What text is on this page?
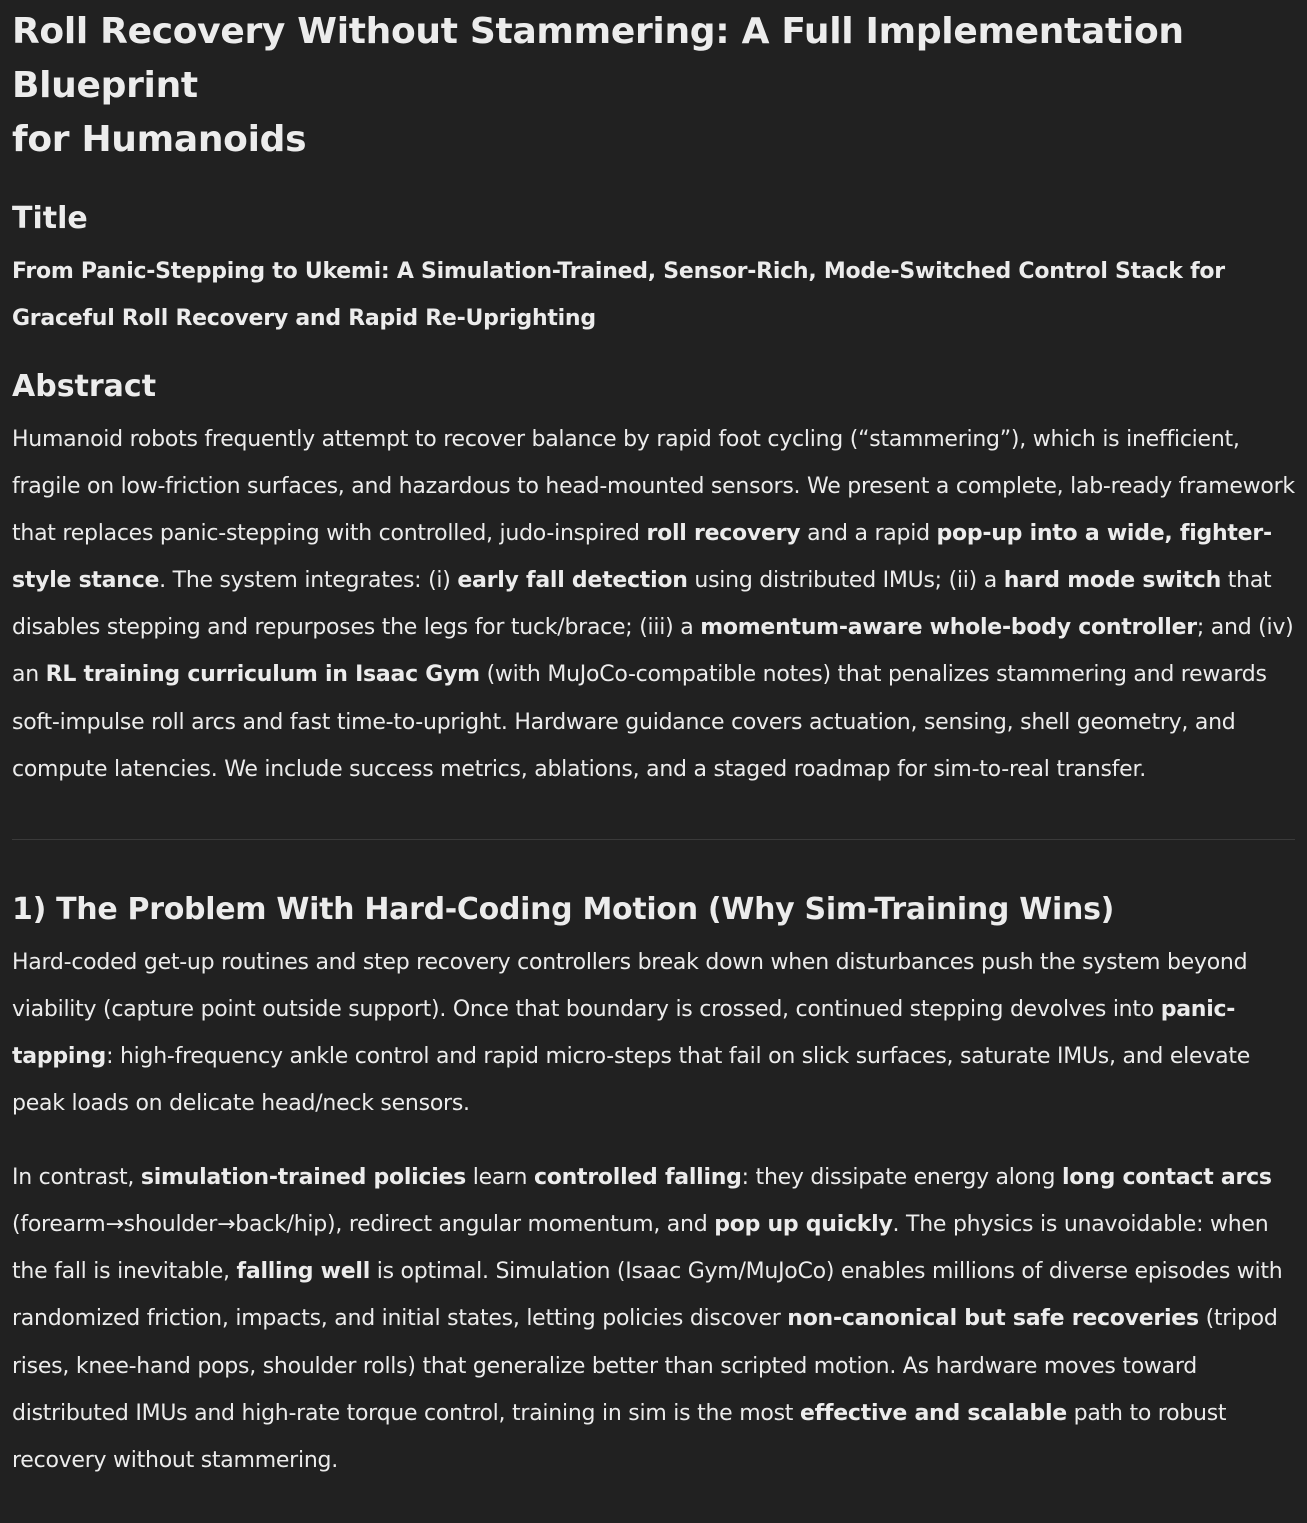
Roll Recovery Without Stammering: A Full Implementation Blueprint
for Humanoids
Title
From Panic-Stepping to Ukemi: A Simulation-Trained, Sensor-Rich, Mode-Switched Control Stack for Graceful Roll Recovery and Rapid Re-Uprighting
Abstract

Humanoid robots frequently attempt to recover balance by rapid foot cycling (“stammering”), which is inefficient, fragile on low-friction surfaces, and hazardous to head-mounted sensors. We present a complete, lab-ready framework that replaces panic-stepping with controlled, judo-inspired roll recovery and a rapid pop-up into a wide, fighter-style stance. The system integrates: (i) early fall detection using distributed IMUs; (ii) a hard mode switch that disables stepping and repurposes the legs for tuck/brace; (iii) a momentum-aware whole-body controller; and (iv) an RL training curriculum in Isaac Gym (with MuJoCo-compatible notes) that penalizes stammering and rewards soft-impulse roll arcs and fast time-to-upright. Hardware guidance covers actuation, sensing, shell geometry, and compute latencies. We include success metrics, ablations, and a staged roadmap for sim-to-real transfer.

1) The Problem With Hard-Coding Motion (Why Sim-Training Wins)

Hard-coded get-up routines and step recovery controllers break down when disturbances push the system beyond viability (capture point outside support). Once that boundary is crossed, continued stepping devolves into panic-tapping: high-frequency ankle control and rapid micro-steps that fail on slick surfaces, saturate IMUs, and elevate peak loads on delicate head/neck sensors.

In contrast, simulation-trained policies learn controlled falling: they dissipate energy along long contact arcs (forearm→shoulder→back/hip), redirect angular momentum, and pop up quickly. The physics is unavoidable: when the fall is inevitable, falling well is optimal. Simulation (Isaac Gym/MuJoCo) enables millions of diverse episodes with randomized friction, impacts, and initial states, letting policies discover non-canonical but safe recoveries (tripod rises, knee-hand pops, shoulder rolls) that generalize better than scripted motion. As hardware moves toward distributed IMUs and high-rate torque control, training in sim is the most effective and scalable path to robust recovery without stammering.
